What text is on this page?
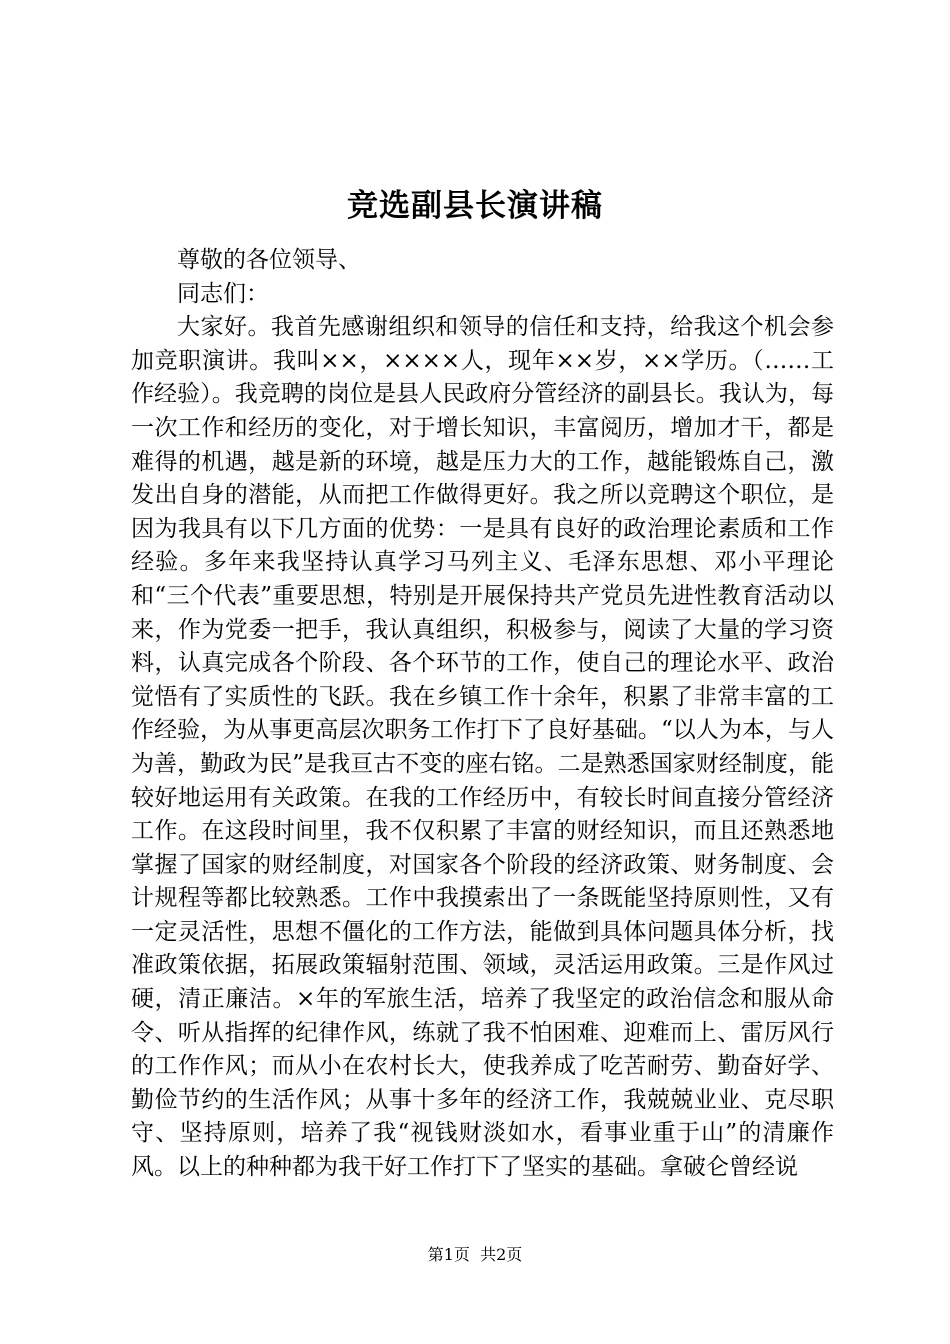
竞选副县长演讲稿

尊敬的各位领导、

同志们：

大家好。我首先感谢组织和领导的信任和支持，给我这个机会参加竞职演讲。我叫××，××××人，现年××岁，××学历。（……工作经验）。我竞聘的岗位是县人民政府分管经济的副县长。我认为，每一次工作和经历的变化，对于增长知识，丰富阅历，增加才干，都是难得的机遇，越是新的环境，越是压力大的工作，越能锻炼自己，激发出自身的潜能，从而把工作做得更好。我之所以竞聘这个职位，是因为我具有以下几方面的优势：一是具有良好的政治理论素质和工作经验。多年来我坚持认真学习马列主义、毛泽东思想、邓小平理论和“三个代表”重要思想，特别是开展保持共产党员先进性教育活动以来，作为党委一把手，我认真组织，积极参与，阅读了大量的学习资料，认真完成各个阶段、各个环节的工作，使自己的理论水平、政治觉悟有了实质性的飞跃。我在乡镇工作十余年，积累了非常丰富的工作经验，为从事更高层次职务工作打下了良好基础。“以人为本，与人为善，勤政为民”是我亘古不变的座右铭。二是熟悉国家财经制度，能较好地运用有关政策。在我的工作经历中，有较长时间直接分管经济工作。在这段时间里，我不仅积累了丰富的财经知识，而且还熟悉地掌握了国家的财经制度，对国家各个阶段的经济政策、财务制度、会计规程等都比较熟悉。工作中我摸索出了一条既能坚持原则性，又有一定灵活性，思想不僵化的工作方法，能做到具体问题具体分析，找准政策依据，拓展政策辐射范围、领域，灵活运用政策。三是作风过硬，清正廉洁。×年的军旅生活，培养了我坚定的政治信念和服从命令、听从指挥的纪律作风，练就了我不怕困难、迎难而上、雷厉风行的工作作风；而从小在农村长大，使我养成了吃苦耐劳、勤奋好学、勤俭节约的生活作风；从事十多年的经济工作，我兢兢业业、克尽职守、坚持原则，培养了我“视钱财淡如水，看事业重于山”的清廉作风。以上的种种都为我干好工作打下了坚实的基础。拿破仑曾经说

第1页  共2页
